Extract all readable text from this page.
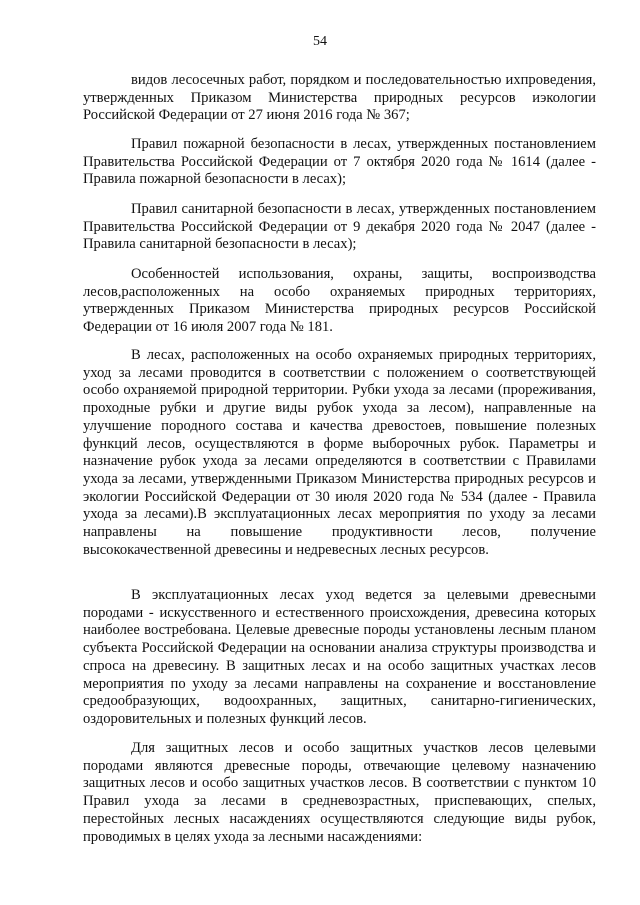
54

видов лесосечных работ, порядком и последовательностью ихпроведения, утвержденных Приказом Министерства природных ресурсов иэкологии Российской Федерации от 27 июня 2016 года № 367;

Правил пожарной безопасности в лесах, утвержденных постановлением Правительства Российской Федерации от 7 октября 2020 года № 1614 (далее - Правила пожарной безопасности в лесах);

Правил санитарной безопасности в лесах, утвержденных постановлением Правительства Российской Федерации от 9 декабря 2020 года № 2047 (далее - Правила санитарной безопасности в лесах);

Особенностей использования, охраны, защиты, воспроизводства лесов,расположенных на особо охраняемых природных территориях, утвержденных Приказом Министерства природных ресурсов Российской Федерации от 16 июля 2007 года № 181.

В лесах, расположенных на особо охраняемых природных территориях, уход за лесами проводится в соответствии с положением о соответствующей особо охраняемой природной территории. Рубки ухода за лесами (прореживания, проходные рубки и другие виды рубок ухода за лесом), направленные на улучшение породного состава и качества древостоев, повышение полезных функций лесов, осуществляются в форме выборочных рубок. Параметры и назначение рубок ухода за лесами определяются в соответствии с Правилами ухода за лесами, утвержденными Приказом Министерства природных ресурсов и экологии Российской Федерации от 30 июля 2020 года № 534 (далее - Правила ухода за лесами).В эксплуатационных лесах мероприятия по уходу за лесами направлены на повышение продуктивности лесов, получение высококачественной древесины и недревесных лесных ресурсов.

В эксплуатационных лесах уход ведется за целевыми древесными породами - искусственного и естественного происхождения, древесина которых наиболее востребована. Целевые древесные породы установлены лесным планом субъекта Российской Федерации на основании анализа структуры производства и спроса на древесину. В защитных лесах и на особо защитных участках лесов мероприятия по уходу за лесами направлены на сохранение и восстановление средообразующих, водоохранных, защитных, санитарно-гигиенических, оздоровительных и полезных функций лесов.

Для защитных лесов и особо защитных участков лесов целевыми породами являются древесные породы, отвечающие целевому назначению защитных лесов и особо защитных участков лесов. В соответствии с пунктом 10 Правил ухода за лесами в средневозрастных, приспевающих, спелых, перестойных лесных насаждениях осуществляются следующие виды рубок, проводимых в целях ухода за лесными насаждениями:
